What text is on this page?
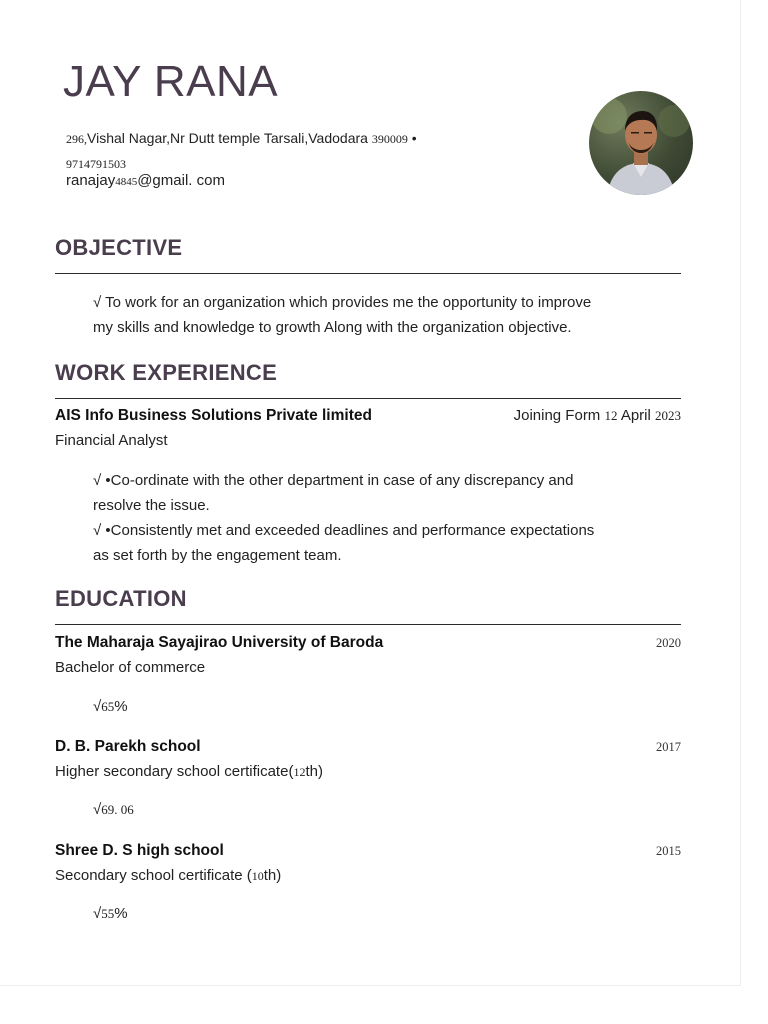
JAY RANA
296,Vishal Nagar,Nr Dutt temple Tarsali,Vadodara 390009 •
9714791503
ranajay4845@gmail. com
OBJECTIVE
√ To work for an organization which provides me the opportunity to improve
my skills and knowledge to growth Along with the organization objective.
WORK EXPERIENCE
AIS Info Business Solutions Private limited	Joining Form 12 April 2023
Financial Analyst
√ •Co-ordinate with the other department in case of any discrepancy and
resolve the issue.
√ •Consistently met and exceeded deadlines and performance expectations
as set forth by the engagement team.
EDUCATION
The Maharaja Sayajirao University of Baroda	2020
Bachelor of commerce
√65%
D. B. Parekh school	2017
Higher secondary school certificate(12th)
√69. 06
Shree D. S high school	2015
Secondary school certificate (10th)
√55%
